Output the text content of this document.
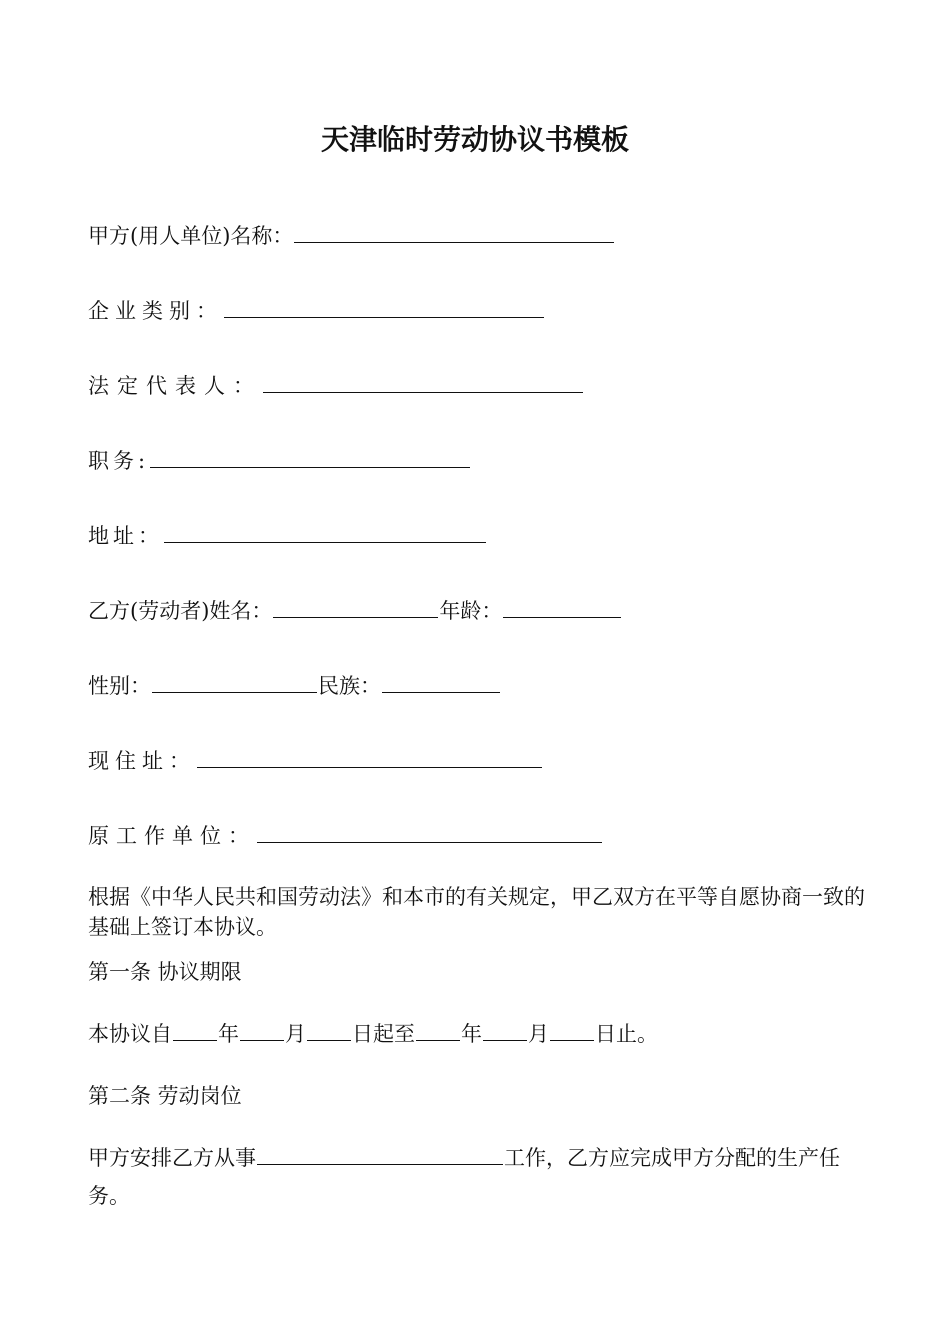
天津临时劳动协议书模板
甲方(用人单位)名称：
企业类别：
法定代表人：
职务:
地址：
乙方(劳动者)姓名：	年龄：
性别：	民族：
现住址：
原工作单位：
根据《中华人民共和国劳动法》和本市的有关规定，甲乙双方在平等自愿协商一致的基础上签订本协议。
第一条 协议期限
本协议自 年 月 日起至 年 月 日止。
第二条 劳动岗位
甲方安排乙方从事	工作，乙方应完成甲方分配的生产任务。
